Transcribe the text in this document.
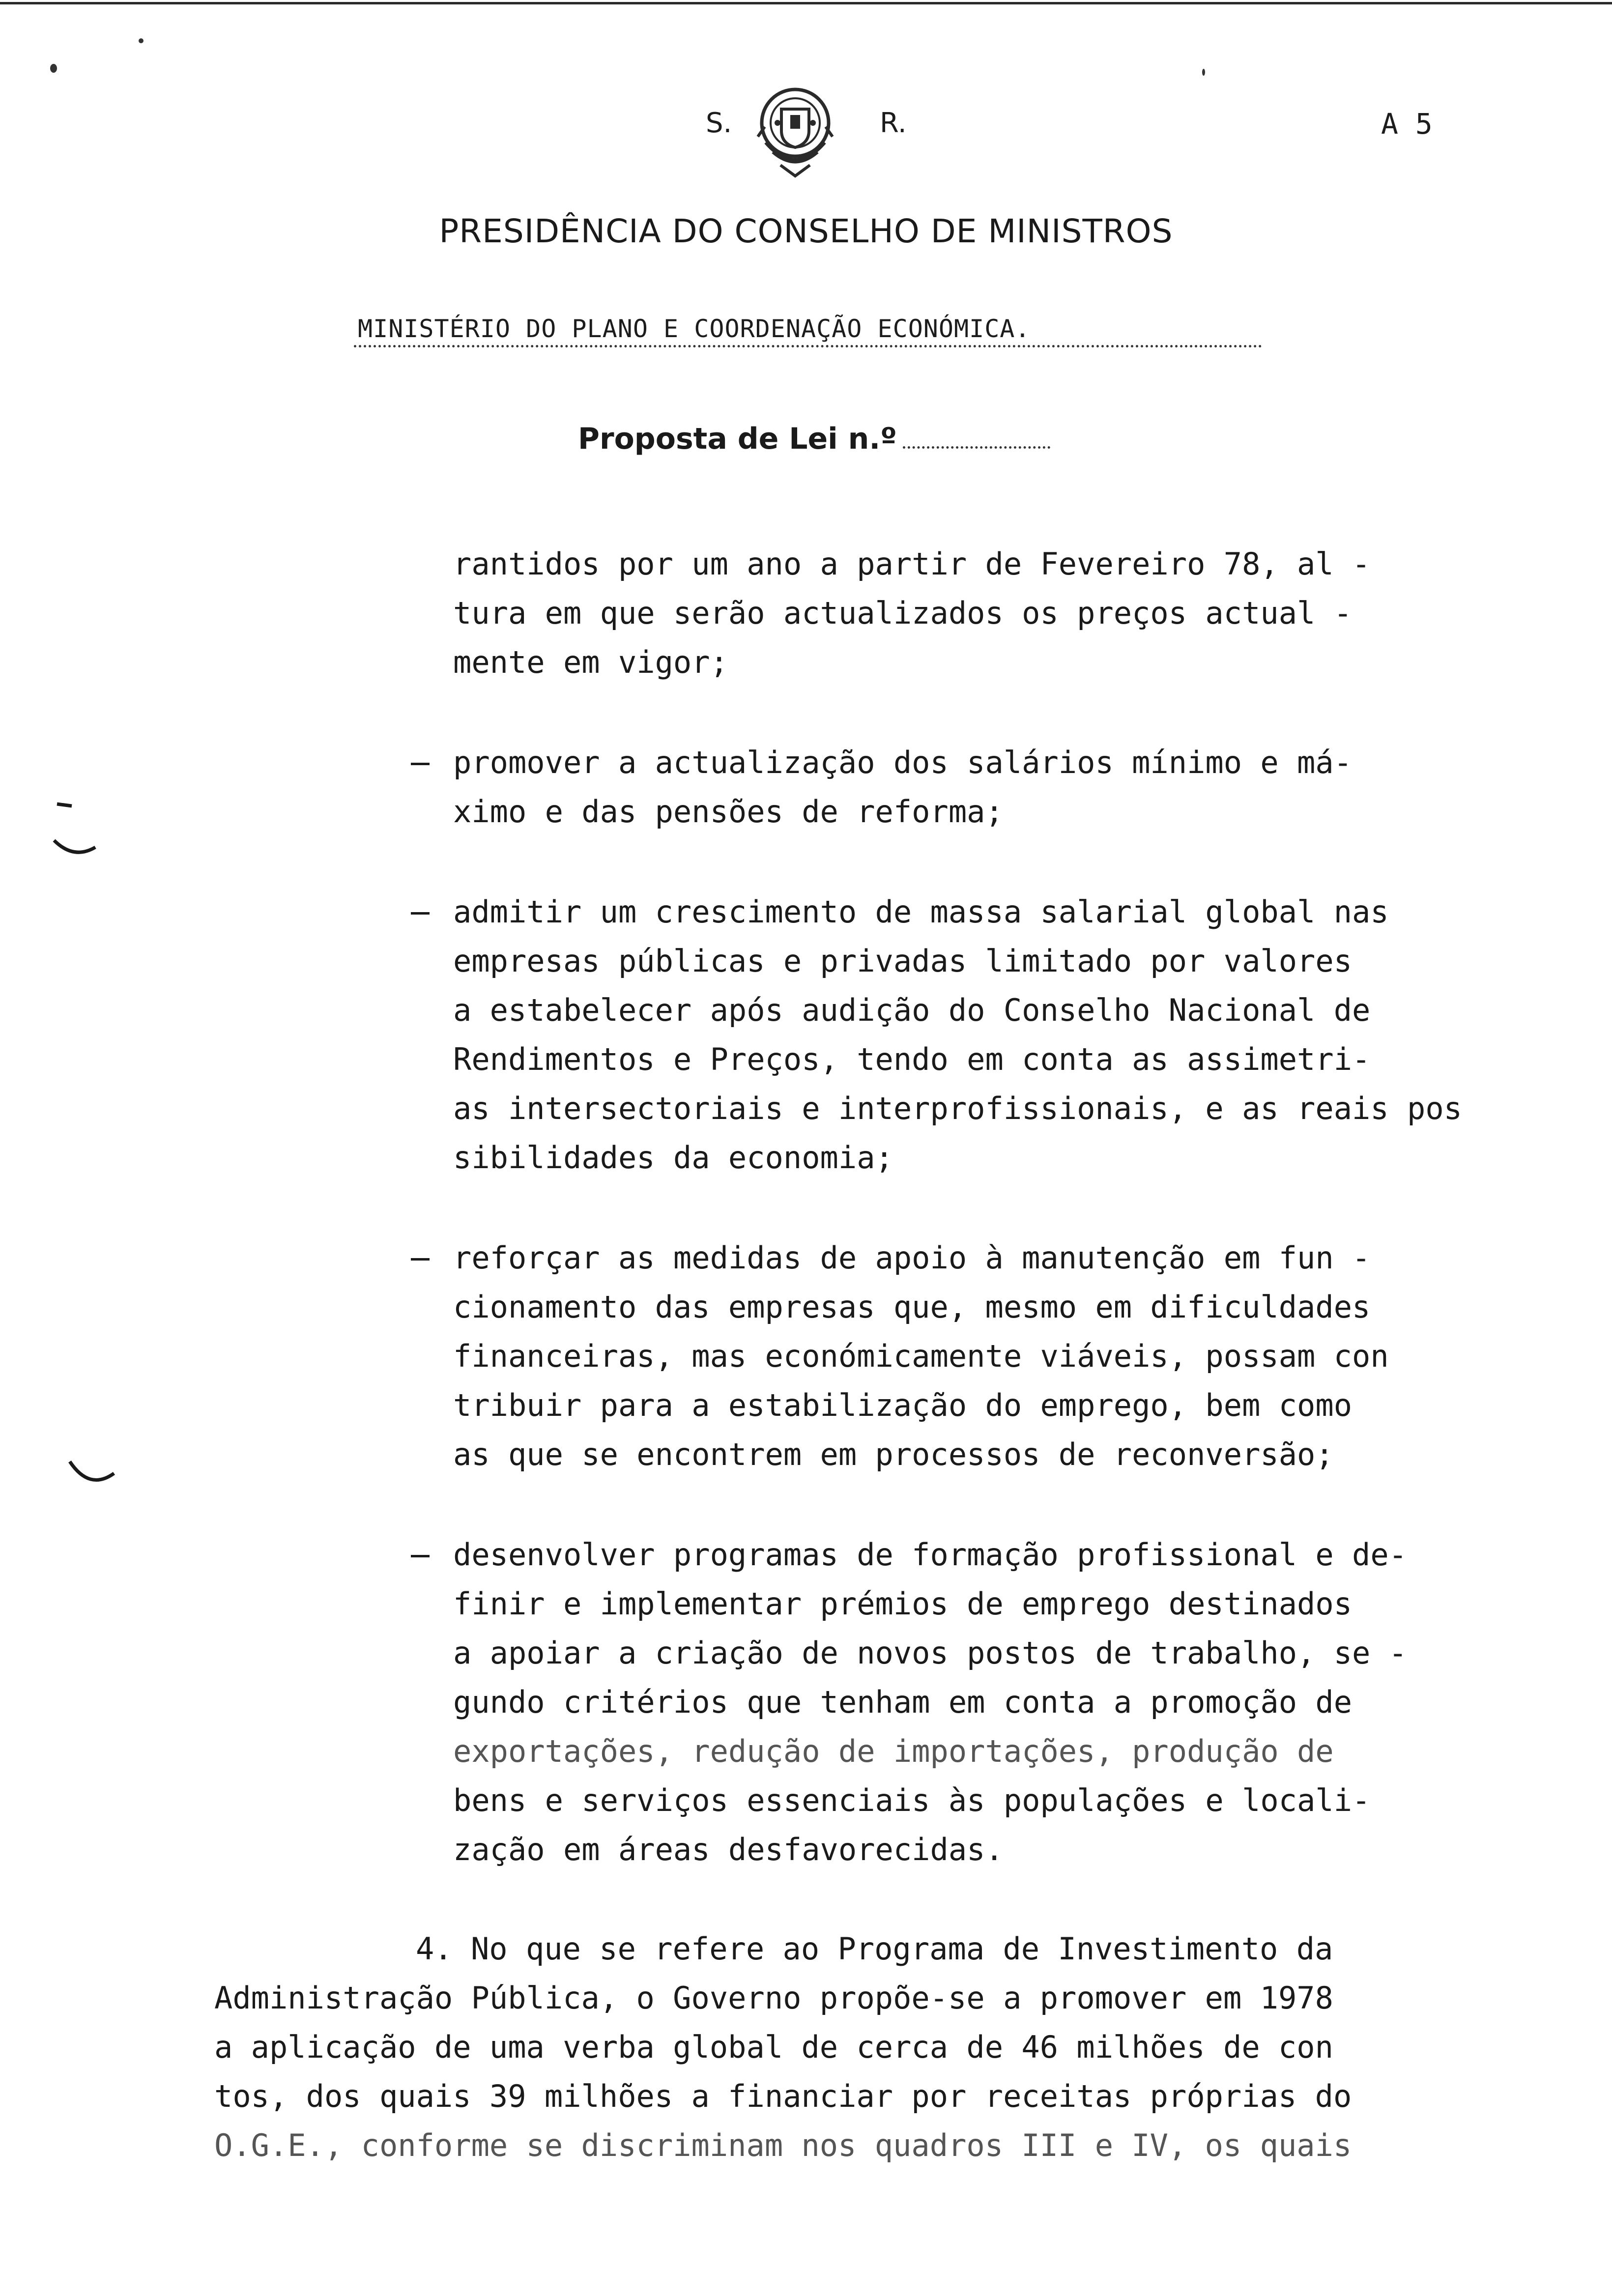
S.	R.	A 5
PRESIDÊNCIA DO CONSELHO DE MINISTROS
MINISTÉRIO DO PLANO E COORDENAÇÃO ECONÓMICA.
Proposta de Lei n.º
rantidos por um ano a partir de Fevereiro 78, al -
tura em que serão actualizados os preços actual -
mente em vigor;
promover a actualização dos salários mínimo e má-
ximo e das pensões de reforma;
admitir um crescimento de massa salarial global nas
empresas públicas e privadas limitado por valores
a estabelecer após audição do Conselho Nacional de
Rendimentos e Preços, tendo em conta as assimetri-
as intersectoriais e interprofissionais, e as reais pos
sibilidades da economia;
reforçar as medidas de apoio à manutenção em fun -
cionamento das empresas que, mesmo em dificuldades
financeiras, mas económicamente viáveis, possam con
tribuir para a estabilização do emprego, bem como
as que se encontrem em processos de reconversão;
desenvolver programas de formação profissional e de-
finir e implementar prémios de emprego destinados
a apoiar a criação de novos postos de trabalho, se -
gundo critérios que tenham em conta a promoção de
exportações, redução de importações, produção de
bens e serviços essenciais às populações e locali-
zação em áreas desfavorecidas.
4. No que se refere ao Programa de Investimento da
Administração Pública, o Governo propõe-se a promover em 1978
a aplicação de uma verba global de cerca de 46 milhões de con
tos, dos quais 39 milhões a financiar por receitas próprias do
O.G.E., conforme se discriminam nos quadros III e IV, os quais
